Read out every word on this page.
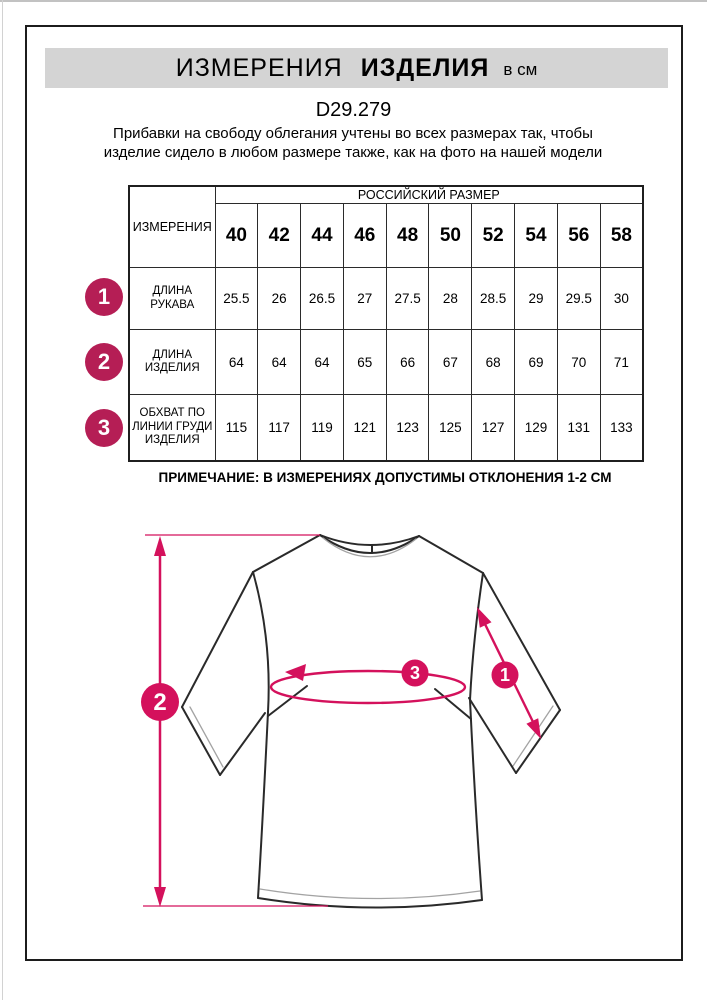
ИЗМЕРЕНИЯ ИЗДЕЛИЯ в см
D29.279
Прибавки на свободу облегания учтены во всех размерах так, чтобы изделие сидело в любом размере также, как на фото на нашей модели
ИЗМЕРЕНИЯ	РОССИЙСКИЙ РАЗМЕР									
	40	42	44	46	48	50	52	54	56	58
ДЛИНА РУКАВА	25.5	26	26.5	27	27.5	28	28.5	29	29.5	30
ДЛИНА ИЗДЕЛИЯ	64	64	64	65	66	67	68	69	70	71
ОБХВАТ ПО ЛИНИИ ГРУДИ ИЗДЕЛИЯ	115	117	119	121	123	125	127	129	131	133
1
2
3
ПРИМЕЧАНИЕ: В ИЗМЕРЕНИЯХ ДОПУСТИМЫ ОТКЛОНЕНИЯ 1-2 СМ
2
3	1
